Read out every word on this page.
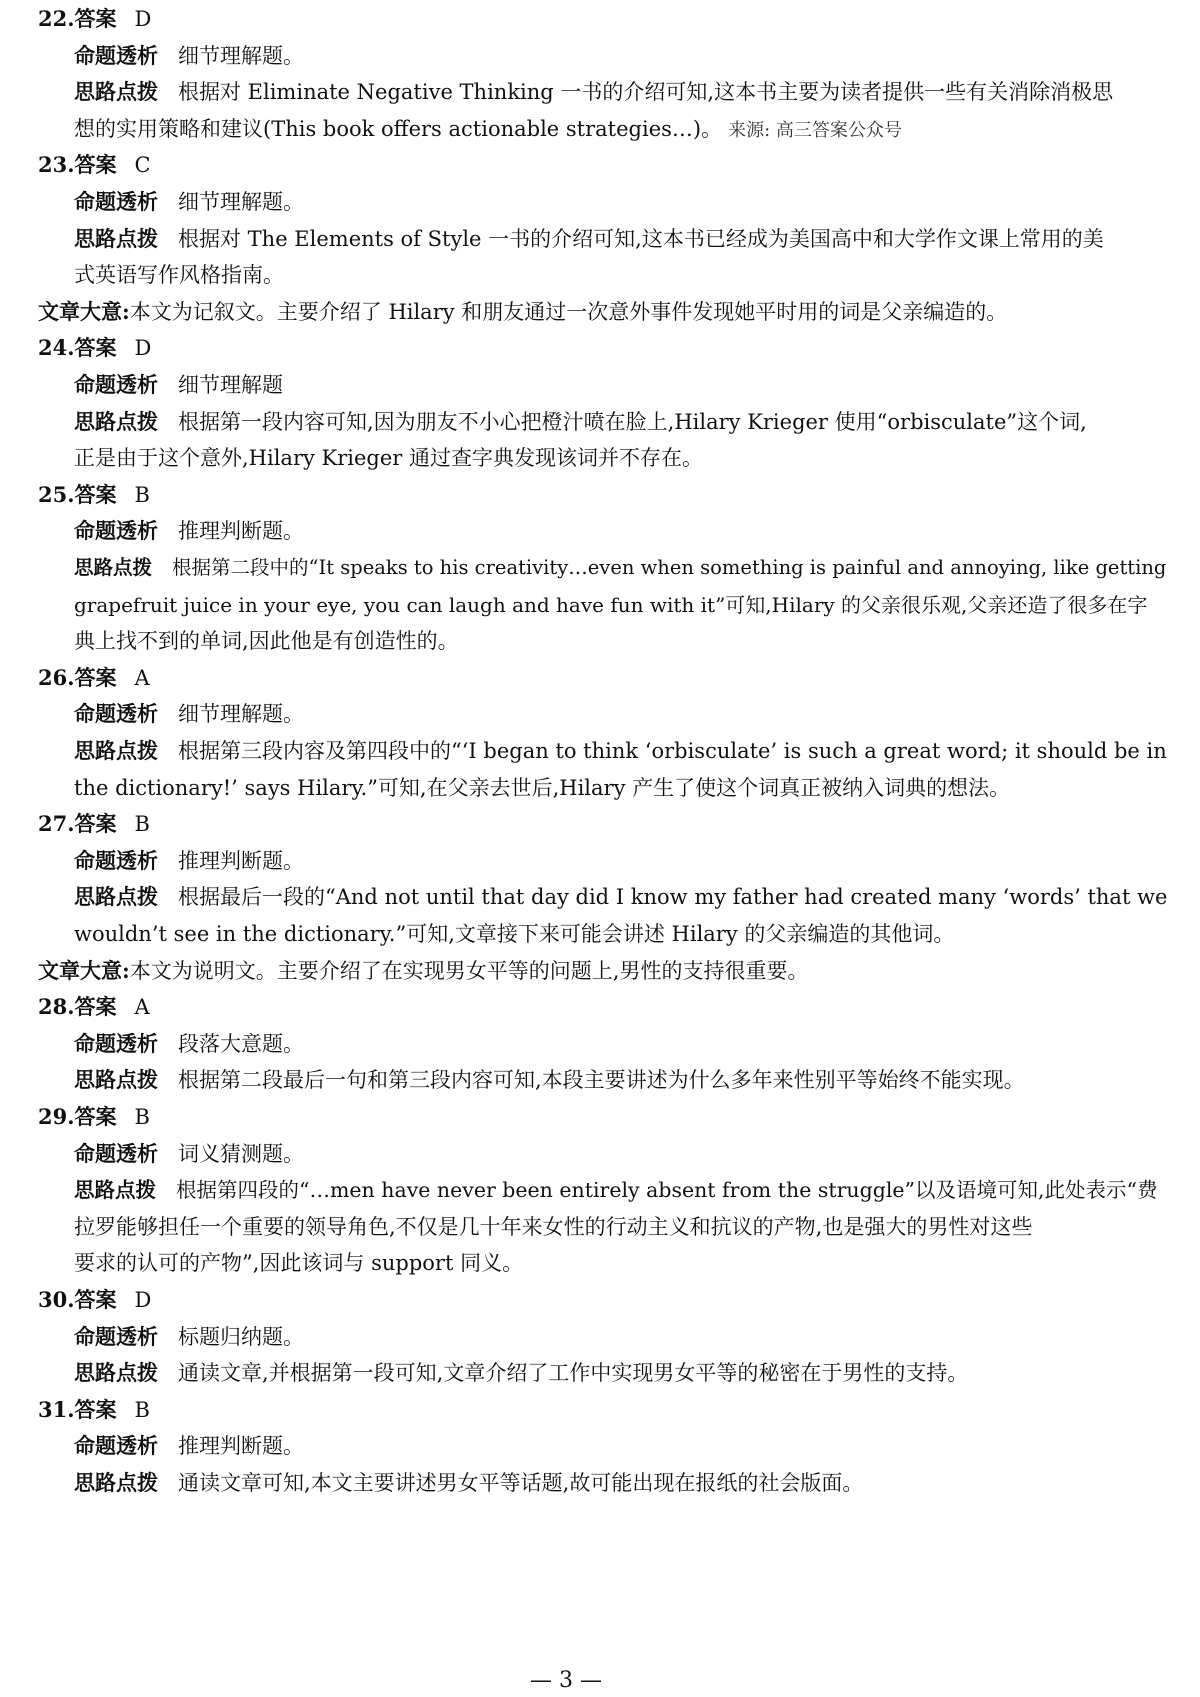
22.答案 D
命题透析 细节理解题。
思路点拨 根据对 Eliminate Negative Thinking 一书的介绍可知,这本书主要为读者提供一些有关消除消极思
想的实用策略和建议(This book offers actionable strategies…)。 来源: 高三答案公众号
23.答案 C
命题透析 细节理解题。
思路点拨 根据对 The Elements of Style 一书的介绍可知,这本书已经成为美国高中和大学作文课上常用的美
式英语写作风格指南。
文章大意:本文为记叙文。主要介绍了 Hilary 和朋友通过一次意外事件发现她平时用的词是父亲编造的。
24.答案 D
命题透析 细节理解题
思路点拨 根据第一段内容可知,因为朋友不小心把橙汁喷在脸上,Hilary Krieger 使用“orbisculate”这个词,
正是由于这个意外,Hilary Krieger 通过查字典发现该词并不存在。
25.答案 B
命题透析 推理判断题。
思路点拨 根据第二段中的“It speaks to his creativity…even when something is painful and annoying, like getting
grapefruit juice in your eye, you can laugh and have fun with it”可知,Hilary 的父亲很乐观,父亲还造了很多在字
典上找不到的单词,因此他是有创造性的。
26.答案 A
命题透析 细节理解题。
思路点拨 根据第三段内容及第四段中的“‘I began to think ‘orbisculate’ is such a great word; it should be in
the dictionary!’ says Hilary.”可知,在父亲去世后,Hilary 产生了使这个词真正被纳入词典的想法。
27.答案 B
命题透析 推理判断题。
思路点拨 根据最后一段的“And not until that day did I know my father had created many ‘words’ that we
wouldn’t see in the dictionary.”可知,文章接下来可能会讲述 Hilary 的父亲编造的其他词。
文章大意:本文为说明文。主要介绍了在实现男女平等的问题上,男性的支持很重要。
28.答案 A
命题透析 段落大意题。
思路点拨 根据第二段最后一句和第三段内容可知,本段主要讲述为什么多年来性别平等始终不能实现。
29.答案 B
命题透析 词义猜测题。
思路点拨 根据第四段的“…men have never been entirely absent from the struggle”以及语境可知,此处表示“费
拉罗能够担任一个重要的领导角色,不仅是几十年来女性的行动主义和抗议的产物,也是强大的男性对这些
要求的认可的产物”,因此该词与 support 同义。
30.答案 D
命题透析 标题归纳题。
思路点拨 通读文章,并根据第一段可知,文章介绍了工作中实现男女平等的秘密在于男性的支持。
31.答案 B
命题透析 推理判断题。
思路点拨 通读文章可知,本文主要讲述男女平等话题,故可能出现在报纸的社会版面。
— 3 —
